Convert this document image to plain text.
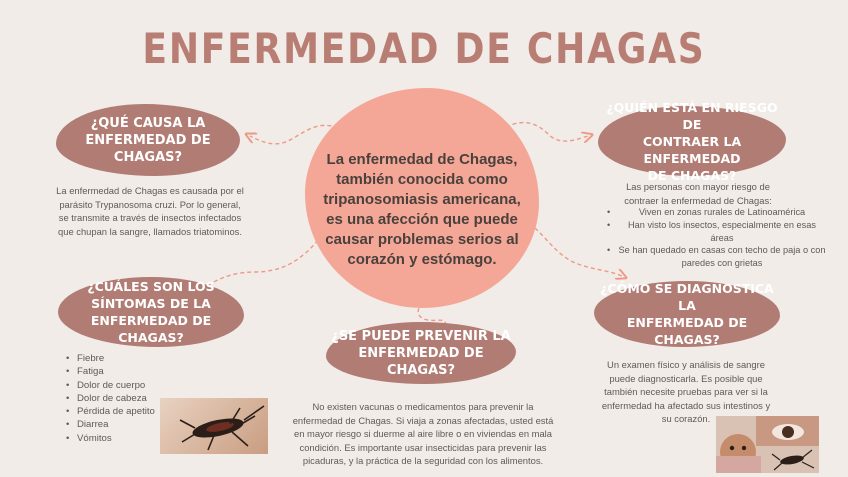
ENFERMEDAD DE CHAGAS
La enfermedad de Chagas, también conocida como tripanosomiasis americana, es una afección que puede causar problemas serios al corazón y estómago.
¿QUÉ CAUSA LA
ENFERMEDAD DE
CHAGAS?
La enfermedad de Chagas es causada por el parásito Trypanosoma cruzi. Por lo general, se transmite a través de insectos infectados que chupan la sangre, llamados triatominos.
¿QUIÉN ESTÁ EN RIESGO DE
CONTRAER LA ENFERMEDAD
DE CHAGAS?
Las personas con mayor riesgo de contraer la enfermedad de Chagas:
• Viven en zonas rurales de Latinoamérica
• Han visto los insectos, especialmente en esas áreas
• Se han quedado en casas con techo de paja o con paredes con grietas
¿CUÁLES SON LOS
SÍNTOMAS DE LA
ENFERMEDAD DE CHAGAS?
• Fiebre
• Fatiga
• Dolor de cuerpo
• Dolor de cabeza
• Pérdida de apetito
• Diarrea
• Vómitos
¿SE PUEDE PREVENIR LA
ENFERMEDAD DE CHAGAS?
No existen vacunas o medicamentos para prevenir la enfermedad de Chagas. Si viaja a zonas afectadas, usted está en mayor riesgo si duerme al aire libre o en viviendas en mala condición. Es importante usar insecticidas para prevenir las picaduras, y la práctica de la seguridad con los alimentos.
¿CÓMO SE DIAGNOSTICA LA
ENFERMEDAD DE CHAGAS?
Un examen físico y análisis de sangre puede diagnosticarla. Es posible que también necesite pruebas para ver si la enfermedad ha afectado sus intestinos y su corazón.
